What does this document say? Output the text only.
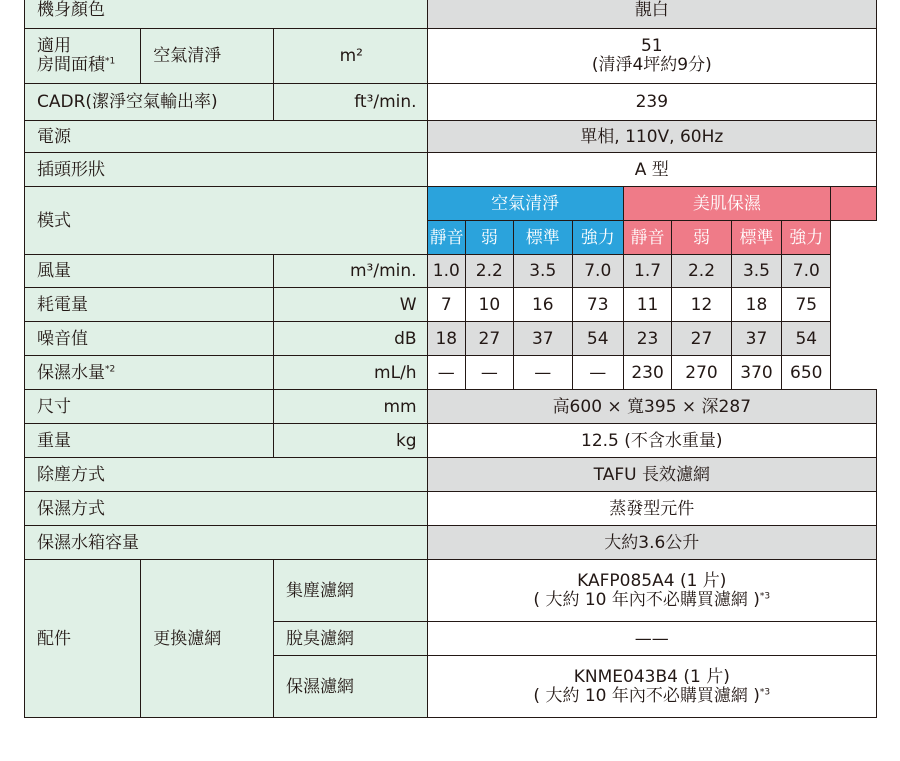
機身顏色			靚白								

適用
房間面積$^{*1}$	空氣清淨	m²	51
(清淨4坪約9分)								

CADR(潔淨空氣輸出率)		ft³/min.	239								
電源			單相, 110V, 60Hz								
插頭形狀			A 型								
模式			空氣清淨				美肌保濕				
			靜音	弱	標準	強力	靜音	弱	標準	強力	
風量		m³/min.	1.0	2.2	3.5	7.0	1.7	2.2	3.5	7.0	
耗電量		W	7	10	16	73	11	12	18	75	
噪音值		dB	18	27	37	54	23	27	37	54	
保濕水量$^{*2}$		mL/h	—	—	—	—	230	270	370	650	
尺寸		mm	高600 × 寬395 × 深287								
重量		kg	12.5 (不含水重量)								
除塵方式			TAFU 長效濾網								
保濕方式			蒸發型元件								
保濕水箱容量			大約3.6公升								
配件	更換濾網	集塵濾網	KAFP085A4 (1 片)
( 大約 10 年內不必購買濾網 )$^{*3}$

		脫臭濾網	——								
		保濕濾網	KNME043B4 (1 片)
( 大約 10 年內不必購買濾網 )$^{*3}$
